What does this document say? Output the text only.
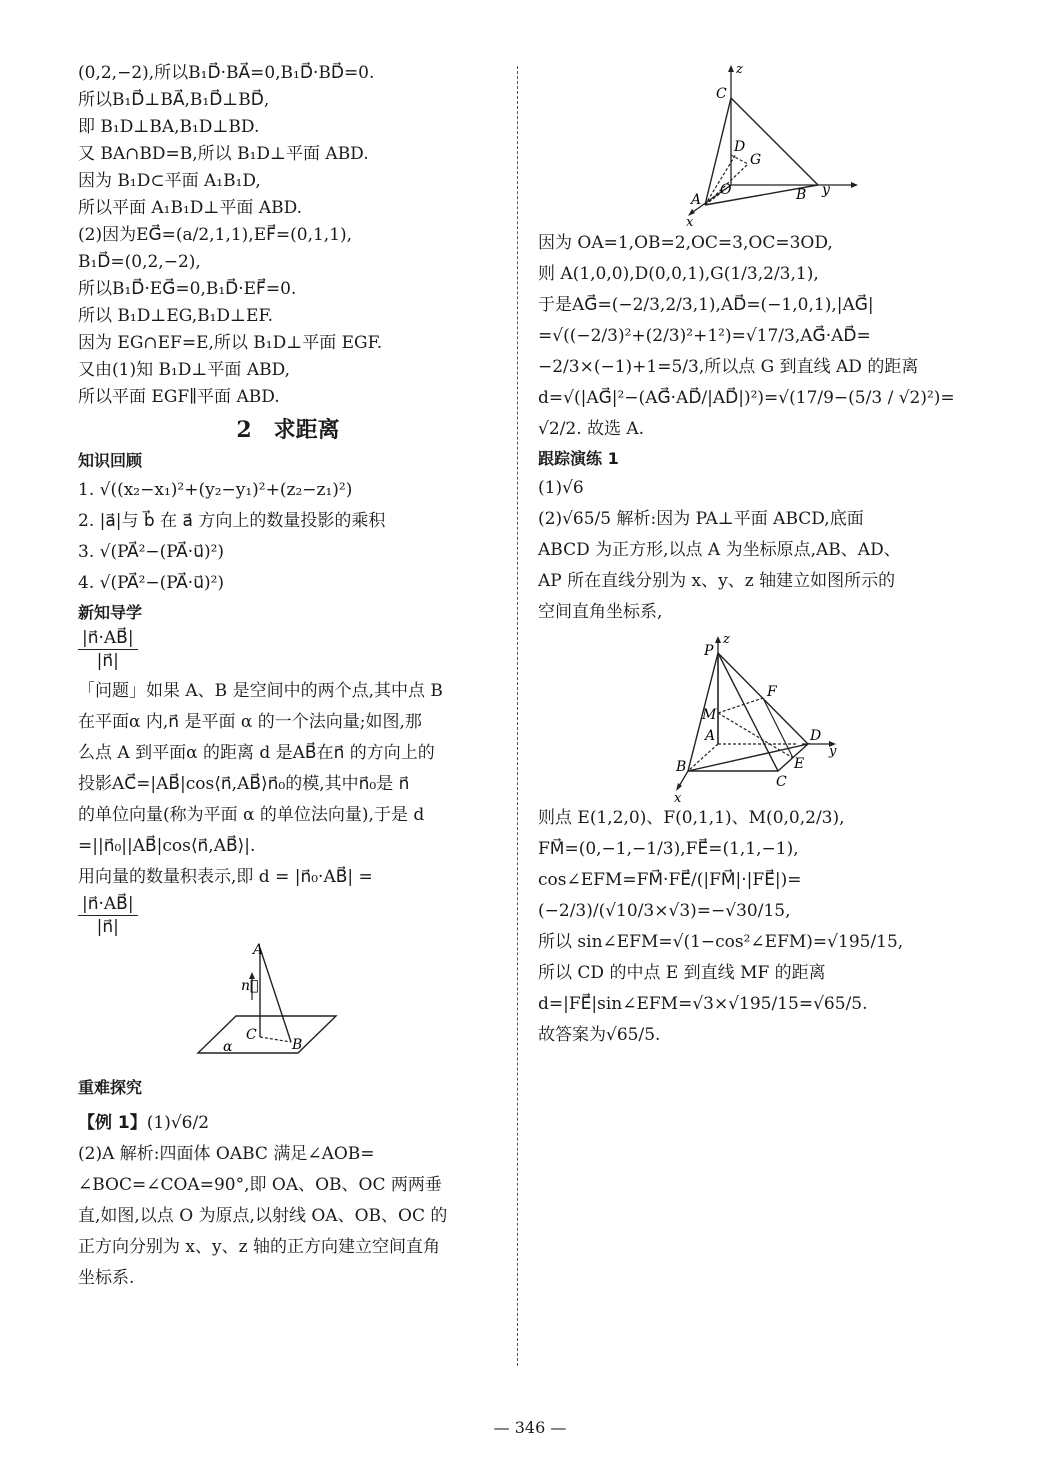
(0,2,−2),所以B₁D⃗·BA⃗=0,B₁D⃗·BD⃗=0.
所以B₁D⃗⊥BA⃗,B₁D⃗⊥BD⃗,
即 B₁D⊥BA,B₁D⊥BD.
又 BA∩BD=B,所以 B₁D⊥平面 ABD.
因为 B₁D⊂平面 A₁B₁D,
所以平面 A₁B₁D⊥平面 ABD.
(2)因为EG⃗=(a/2,1,1),EF⃗=(0,1,1),
B₁D⃗=(0,2,−2),
所以B₁D⃗·EG⃗=0,B₁D⃗·EF⃗=0.
所以 B₁D⊥EG,B₁D⊥EF.
因为 EG∩EF=E,所以 B₁D⊥平面 EGF.
又由(1)知 B₁D⊥平面 ABD,
所以平面 EGF∥平面 ABD.
2 求距离
知识回顾
1. √((x₂−x₁)²+(y₂−y₁)²+(z₂−z₁)²)
2. |a⃗|与 b⃗ 在 a⃗ 方向上的数量投影的乘积
3. √(PA⃗²−(PA⃗·u⃗)²)
4. √(PA⃗²−(PA⃗·u⃗)²)
新知导学
$\frac{|n⃗\cdot AB⃗|}{|n⃗|}$
「问题」如果 A、B 是空间中的两个点,其中点 B
在平面α 内,n⃗ 是平面 α 的一个法向量;如图,那
么点 A 到平面α 的距离 d 是AB⃗在n⃗ 的方向上的
投影AC⃗=|AB⃗|cos⟨n⃗,AB⃗⟩n⃗₀的模,其中n⃗₀是 n⃗
的单位向量(称为平面 α 的单位法向量),于是 d
=||n⃗₀||AB⃗|cos⟨n⃗,AB⃗⟩|.
用向量的数量积表示,即 d = |n⃗₀·AB⃗| =
$\frac{|n⃗\cdot AB⃗|}{|n⃗|}$
A
n⃗
C
B
α
重难探究
【例 1】(1)√6/2
(2)A 解析:四面体 OABC 满足∠AOB=
∠BOC=∠COA=90°,即 OA、OB、OC 两两垂
直,如图,以点 O 为原点,以射线 OA、OB、OC 的
正方向分别为 x、y、z 轴的正方向建立空间直角
坐标系.
z
C
D
G
A
O	B y
x
因为 OA=1,OB=2,OC=3,OC=3OD,
则 A(1,0,0),D(0,0,1),G(1/3,2/3,1),
于是AG⃗=(−2/3,2/3,1),AD⃗=(−1,0,1),|AG⃗|
=√((−2/3)²+(2/3)²+1²)=√17/3,AG⃗·AD⃗=
−2/3×(−1)+1=5/3,所以点 G 到直线 AD 的距离
d=√(|AG⃗|²−(AG⃗·AD⃗/|AD⃗|)²)=√(17/9−(5/3 / √2)²)=
√2/2. 故选 A.
跟踪演练 1
(1)√6
(2)√65/5 解析:因为 PA⊥平面 ABCD,底面
ABCD 为正方形,以点 A 为坐标原点,AB、AD、
AP 所在直线分别为 x、y、z 轴建立如图所示的
空间直角坐标系,
z
P
F
M
A	D
y
B	E
C
x
则点 E(1,2,0)、F(0,1,1)、M(0,0,2/3),
FM⃗=(0,−1,−1/3),FE⃗=(1,1,−1),
cos∠EFM=FM⃗·FE⃗/(|FM⃗|·|FE⃗|)=(−2/3)/(√10/3×√3)=−√30/15,
所以 sin∠EFM=√(1−cos²∠EFM)=√195/15,
所以 CD 的中点 E 到直线 MF 的距离
d=|FE⃗|sin∠EFM=√3×√195/15=√65/5.
故答案为√65/5.
— 346 —
